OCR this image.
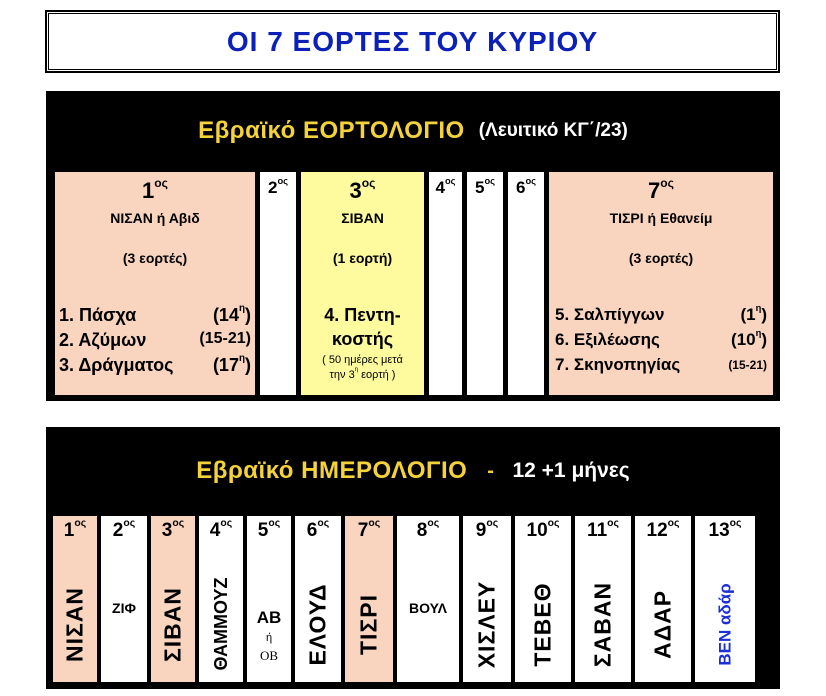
ΟΙ 7 ΕΟΡΤΕΣ ΤΟΥ ΚΥΡΙΟΥ
Εβραϊκό ΕΟΡΤΟΛΟΓΙΟ (Λευιτικό ΚΓ΄/23)
$1^{o\varsigma}$
ΝΙΣΑΝ ή Αβιδ
(3 εορτές)
1. Πάσχα	$(14^\eta)$
2. Αζύμων	(15-21)
3. Δράγματος $(17^\eta)$
$2^{o\varsigma}$	$3^{o\varsigma}$
ΣΙΒΑΝ
(1 εορτή)
4. Πεντη-
κοστής
( 50 ημέρες μετά
την $3^\eta$ εορτή )
$4^{o\varsigma}$	$5^{o\varsigma}$	$6^{o\varsigma}$	$7^{o\varsigma}$
ΤΙΣΡΙ ή Εθανείμ
(3 εορτές)
5. Σαλπίγγων	$(1^\eta)$
6. Εξιλέωσης	$(10^\eta)$
7. Σκηνοπηγίας	(15-21)
Εβραϊκό ΗΜΕΡΟΛΟΓΙΟ - 12 +1 μήνες
$1^{o\varsigma}$
ΝΙΣΑΝ
$2^{o\varsigma}$
ΖΙΦ
$3^{o\varsigma}$
ΣΙΒΑΝ
$4^{o\varsigma}$
ΘΑΜΜΟΥΖ
$5^{o\varsigma}$
ΑΒ
ή
ΟΒ
$6^{o\varsigma}$
ΕΛΟΥΔ
$7^{o\varsigma}$
ΤΙΣΡΙ
$8^{o\varsigma}$
ΒΟΥΛ
$9^{o\varsigma}$
ΧΙΣΛΕΥ
$10^{o\varsigma}$
ΤΕΒΕΘ
$11^{o\varsigma}$
ΣΑΒΑΝ
$12^{o\varsigma}$
ΑΔΑΡ
$13^{o\varsigma}$
ΒΕΝ αδάρ
